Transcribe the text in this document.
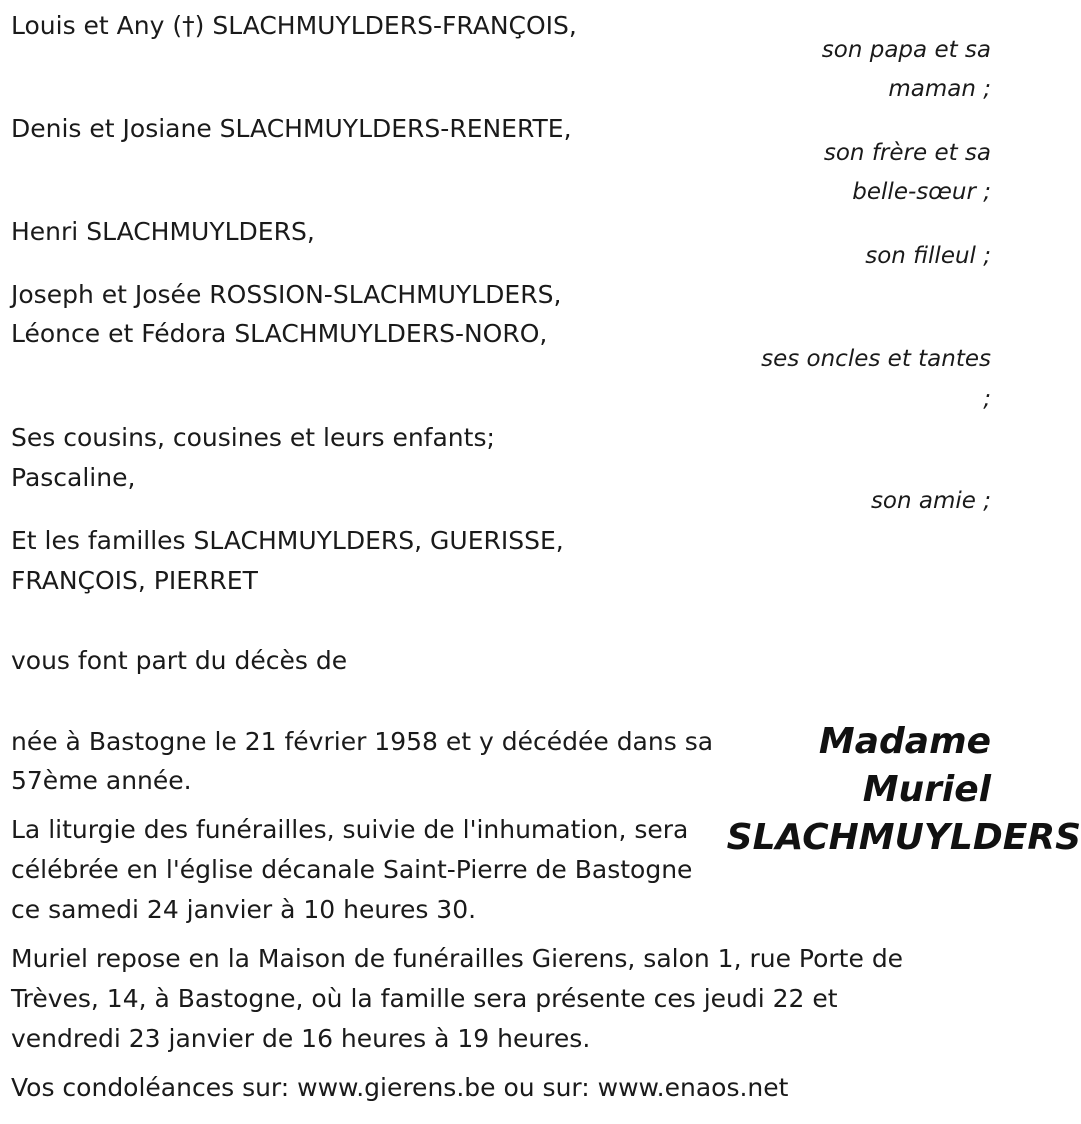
Louis et Any (†) SLACHMUYLDERS-FRANÇOIS,
son papa et sa
maman ;
Denis et Josiane SLACHMUYLDERS-RENERTE,
son frère et sa
belle-sœur ;
Henri SLACHMUYLDERS,
son filleul ;
Joseph et Josée ROSSION-SLACHMUYLDERS,
Léonce et Fédora SLACHMUYLDERS-NORO,
ses oncles et tantes
;
Ses cousins, cousines et leurs enfants;
Pascaline,
son amie ;
Et les familles SLACHMUYLDERS, GUERISSE,
FRANÇOIS, PIERRET
vous font part du décès de
Madame
Muriel
SLACHMUYLDERS
née à Bastogne le 21 février 1958 et y décédée dans sa
57ème année.
La liturgie des funérailles, suivie de l'inhumation, sera
célébrée en l'église décanale Saint-Pierre de Bastogne
ce samedi 24 janvier à 10 heures 30.
Muriel repose en la Maison de funérailles Gierens, salon 1, rue Porte de
Trèves, 14, à Bastogne, où la famille sera présente ces jeudi 22 et
vendredi 23 janvier de 16 heures à 19 heures.
Vos condoléances sur: www.gierens.be ou sur: www.enaos.net
